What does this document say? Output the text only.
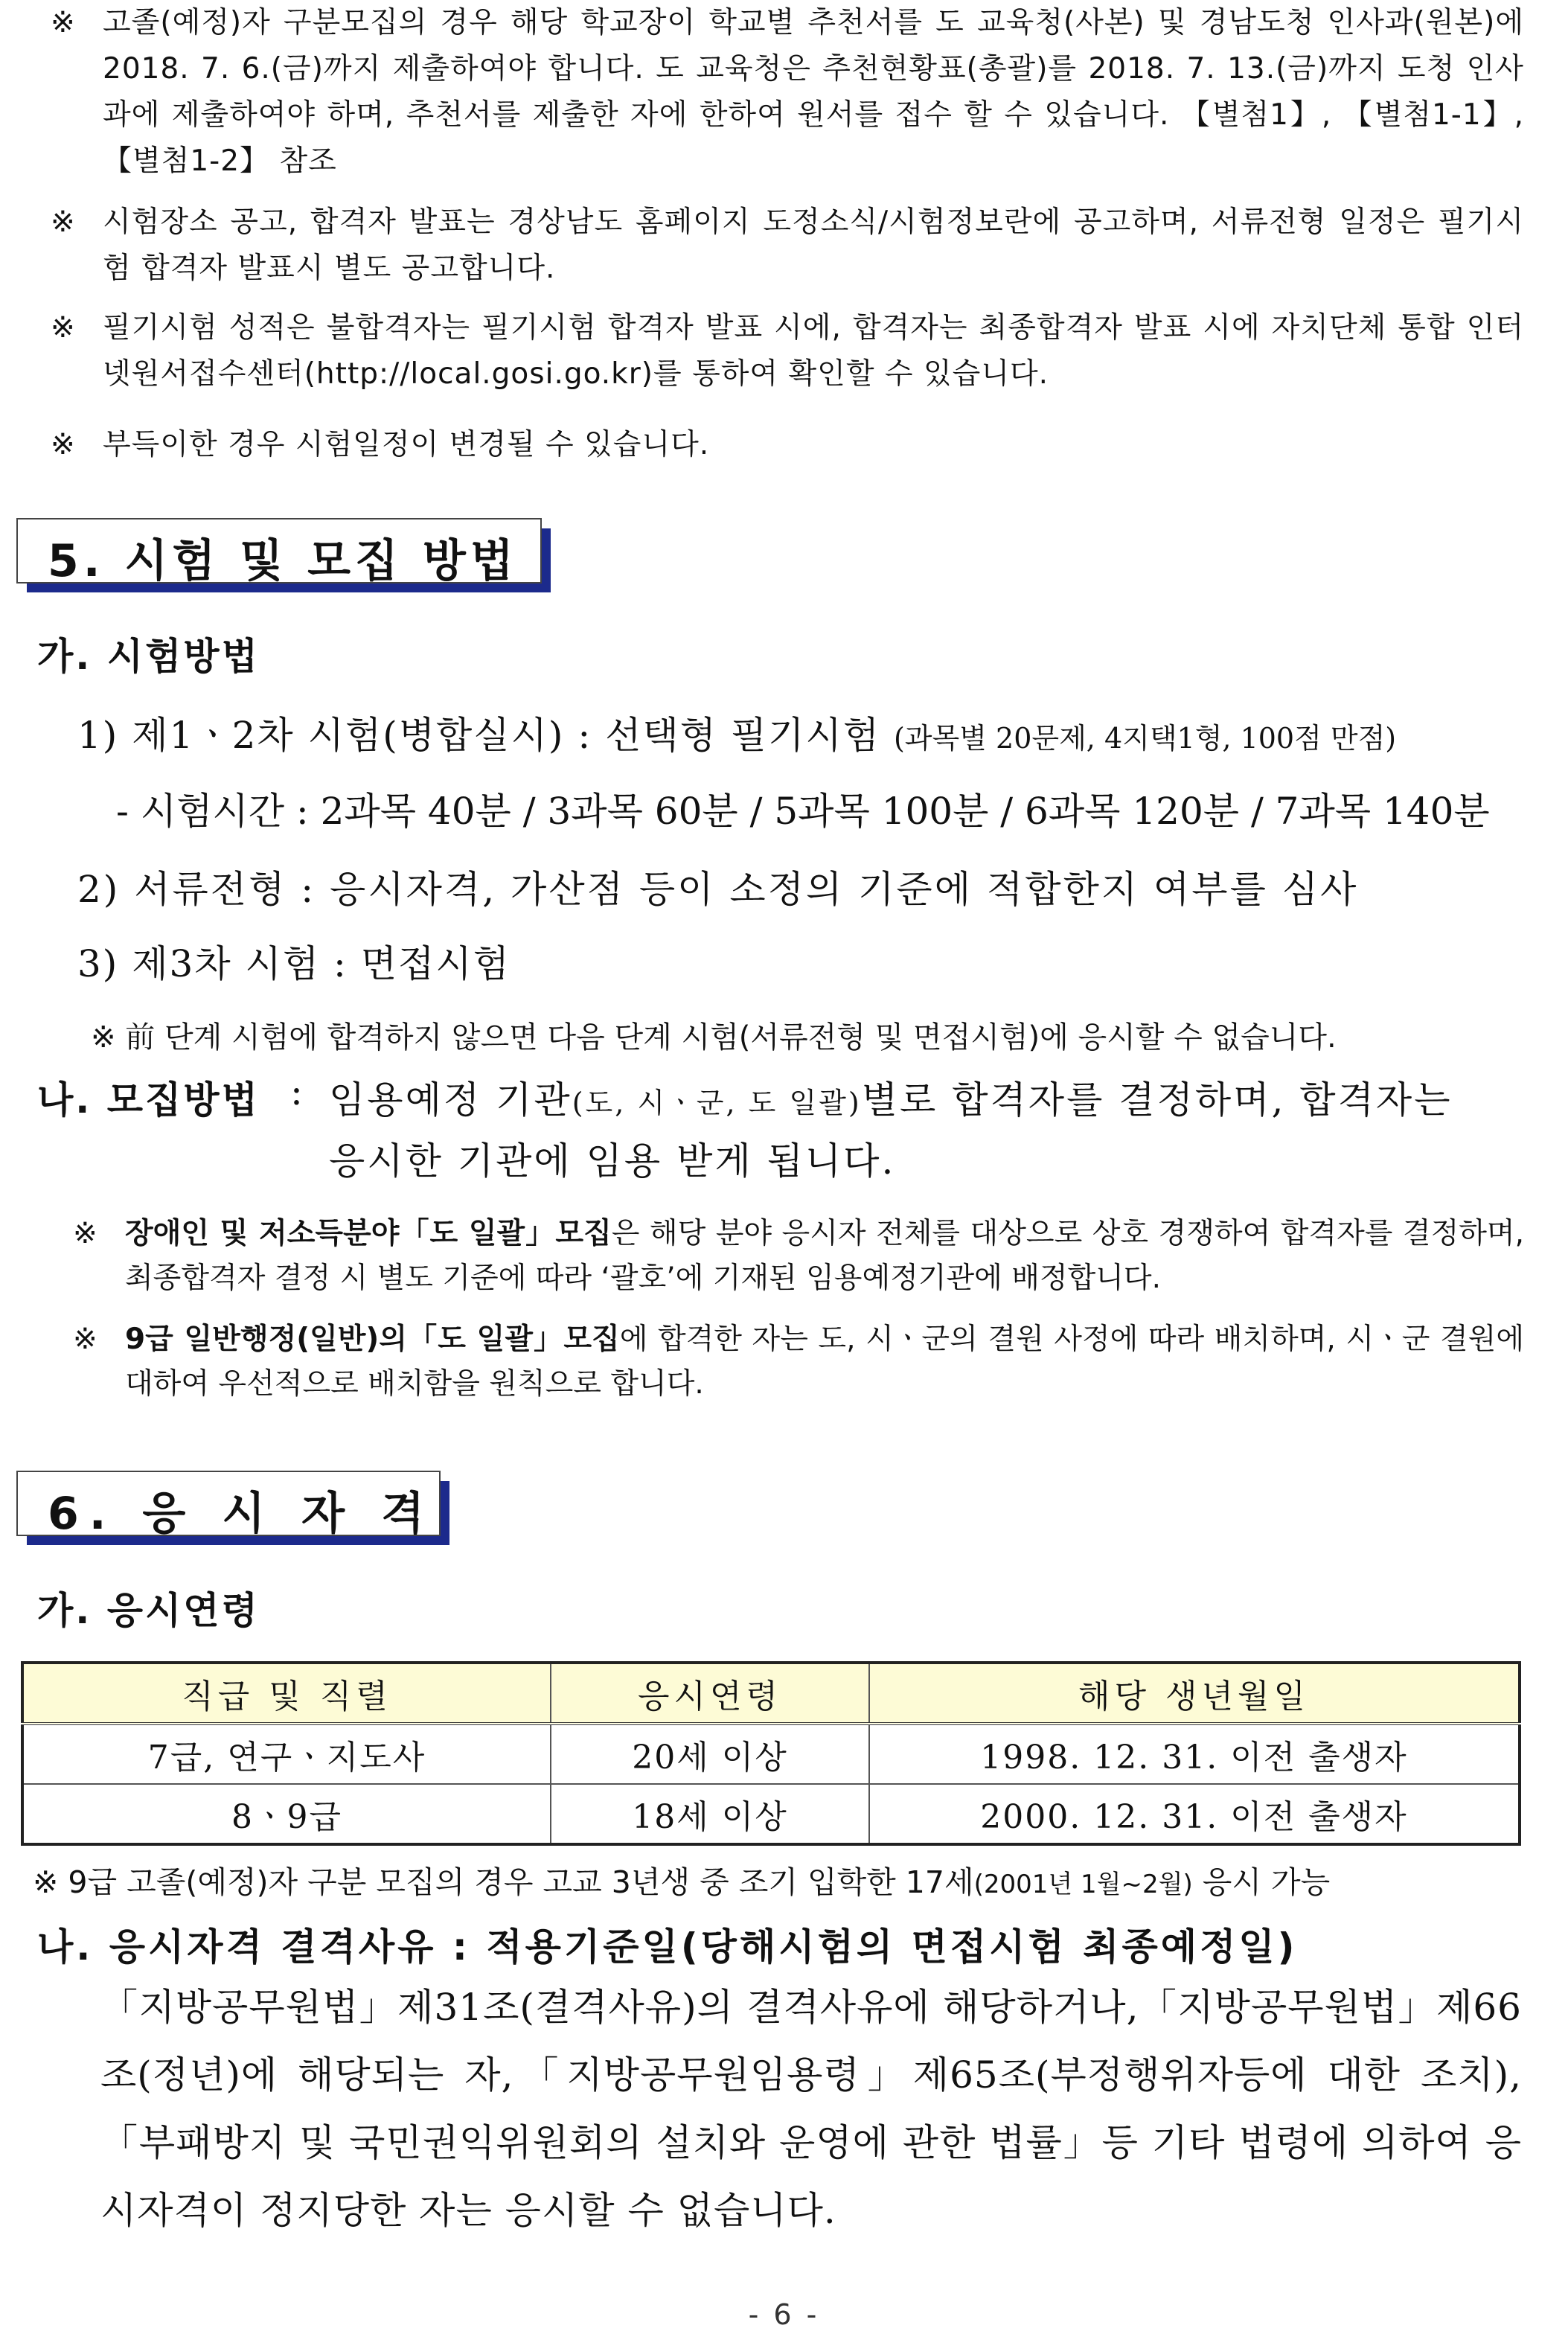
※ 고졸(예정)자 구분모집의 경우 해당 학교장이 학교별 추천서를 도 교육청(사본) 및 경남도청 인사과(원본)에 2018. 7. 6.(금)까지 제출하여야 합니다. 도 교육청은 추천현황표(총괄)를 2018. 7. 13.(금)까지 도청 인사과에 제출하여야 하며, 추천서를 제출한 자에 한하여 원서를 접수 할 수 있습니다. 【별첨1】, 【별첨1-1】, 【별첨1-2】 참조
※ 시험장소 공고, 합격자 발표는 경상남도 홈페이지 도정소식/시험정보란에 공고하며, 서류전형 일정은 필기시험 합격자 발표시 별도 공고합니다.
※ 필기시험 성적은 불합격자는 필기시험 합격자 발표 시에, 합격자는 최종합격자 발표 시에 자치단체 통합 인터넷원서접수센터(http://local.gosi.go.kr)를 통하여 확인할 수 있습니다.
※ 부득이한 경우 시험일정이 변경될 수 있습니다.
5. 시험 및 모집 방법
가. 시험방법
1) 제1ㆍ2차 시험(병합실시) : 선택형 필기시험 (과목별 20문제, 4지택1형, 100점 만점)
- 시험시간 : 2과목 40분 / 3과목 60분 / 5과목 100분 / 6과목 120분 / 7과목 140분
2) 서류전형 : 응시자격, 가산점 등이 소정의 기준에 적합한지 여부를 심사
3) 제3차 시험 : 면접시험
※ 前 단계 시험에 합격하지 않으면 다음 단계 시험(서류전형 및 면접시험)에 응시할 수 없습니다.
나. 모집방법 : 임용예정 기관(도, 시ㆍ군, 도 일괄)별로 합격자를 결정하며, 합격자는
응시한 기관에 임용 받게 됩니다.
※ 장애인 및 저소득분야「도 일괄」모집은 해당 분야 응시자 전체를 대상으로 상호 경쟁하여 합격자를 결정하며, 최종합격자 결정 시 별도 기준에 따라 ‘괄호’에 기재된 임용예정기관에 배정합니다.
※ 9급 일반행정(일반)의「도 일괄」모집에 합격한 자는 도, 시ㆍ군의 결원 사정에 따라 배치하며, 시ㆍ군 결원에 대하여 우선적으로 배치함을 원칙으로 합니다.
6. 응 시 자 격
가. 응시연령
직급 및 직렬	응시연령	해당 생년월일
7급, 연구ㆍ지도사	20세 이상	1998. 12. 31. 이전 출생자
8ㆍ9급	18세 이상	2000. 12. 31. 이전 출생자
※ 9급 고졸(예정)자 구분 모집의 경우 고교 3년생 중 조기 입학한 17세(2001년 1월~2월) 응시 가능
나. 응시자격 결격사유 : 적용기준일(당해시험의 면접시험 최종예정일)
「지방공무원법」제31조(결격사유)의 결격사유에 해당하거나,「지방공무원법」제66조(정년)에 해당되는 자,「지방공무원임용령」제65조(부정행위자등에 대한 조치),「부패방지 및 국민권익위원회의 설치와 운영에 관한 법률」등 기타 법령에 의하여 응시자격이 정지당한 자는 응시할 수 없습니다.
- 6 -
